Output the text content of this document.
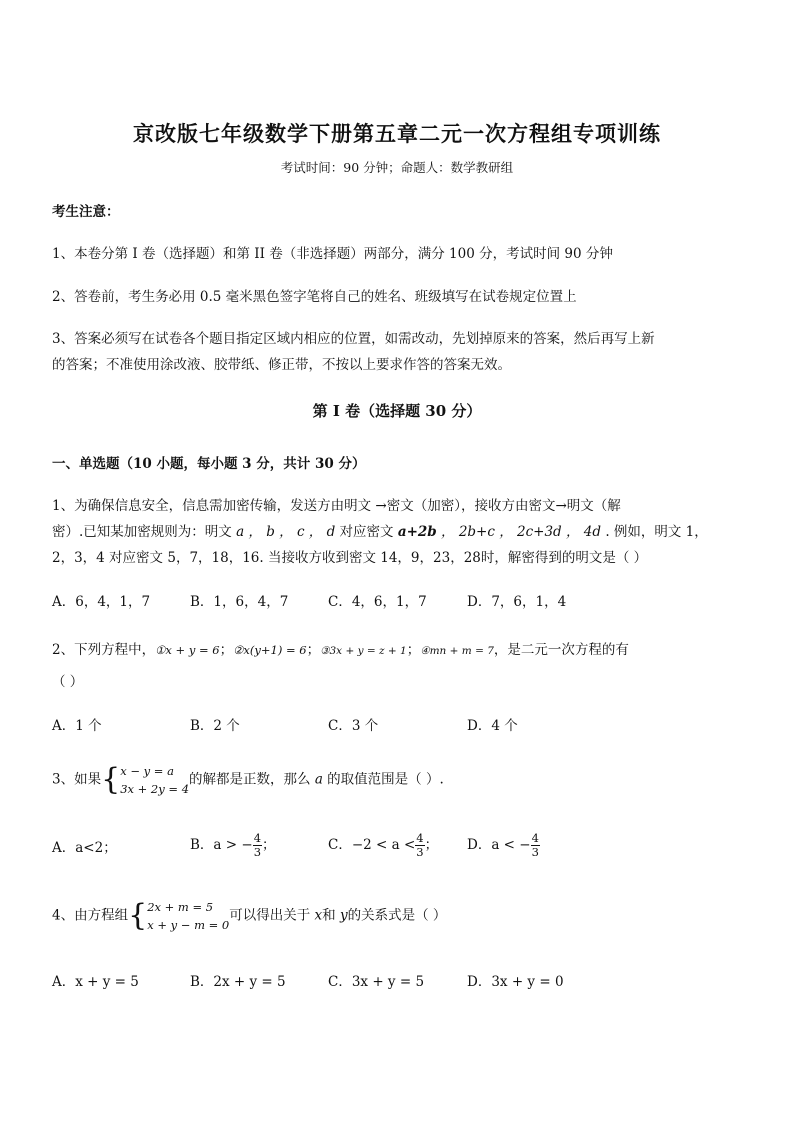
京改版七年级数学下册第五章二元一次方程组专项训练
考试时间：90 分钟；命题人：数学教研组
考生注意：
1、本卷分第 I 卷（选择题）和第 II 卷（非选择题）两部分，满分 100 分，考试时间 90 分钟
2、答卷前，考生务必用 0.5 毫米黑色签字笔将自己的姓名、班级填写在试卷规定位置上
3、答案必须写在试卷各个题目指定区域内相应的位置，如需改动，先划掉原来的答案，然后再写上新
的答案；不准使用涂改液、胶带纸、修正带，不按以上要求作答的答案无效。
第 I 卷（选择题 30 分）
一、单选题（10 小题，每小题 3 分，共计 30 分）
1、为确保信息安全，信息需加密传输，发送方由明文 →密文（加密），接收方由密文→明文（解
密）.已知某加密规则为：明文 a ， b ， c ， d 对应密文 a+2b ， 2b+c ， 2c+3d ， 4d . 例如，明文 1，
2，3，4 对应密文 5，7，18，16. 当接收方收到密文 14，9，23，28时，解密得到的明文是（ ）
A．6，4，1，7	B．1，6，4，7	C．4，6，1，7	D．7，6，1，4
2、下列方程中，①x + y = 6；②x(y+1) = 6；③3x + y = z + 1；④mn + m = 7，是二元一次方程的有
（ ）
A．1 个	B．2 个	C．3 个	D．4 个
3、如果{ x − y = a
3x + 2y = 4
的解都是正数，那么 a 的取值范围是（ ）.
A．a<2；	B．a > − $\frac{4}{3}$ ；	C．$-2 < a < \frac{4}{3}$ ； D．a < − $\frac{4}{3}$
4、由方程组{ 2x + m = 5
x + y − m = 0
可以得出关于 x和 y的关系式是（ ）
A．x + y = 5	B．2x + y = 5	C．3x + y = 5	D．3x + y = 0
